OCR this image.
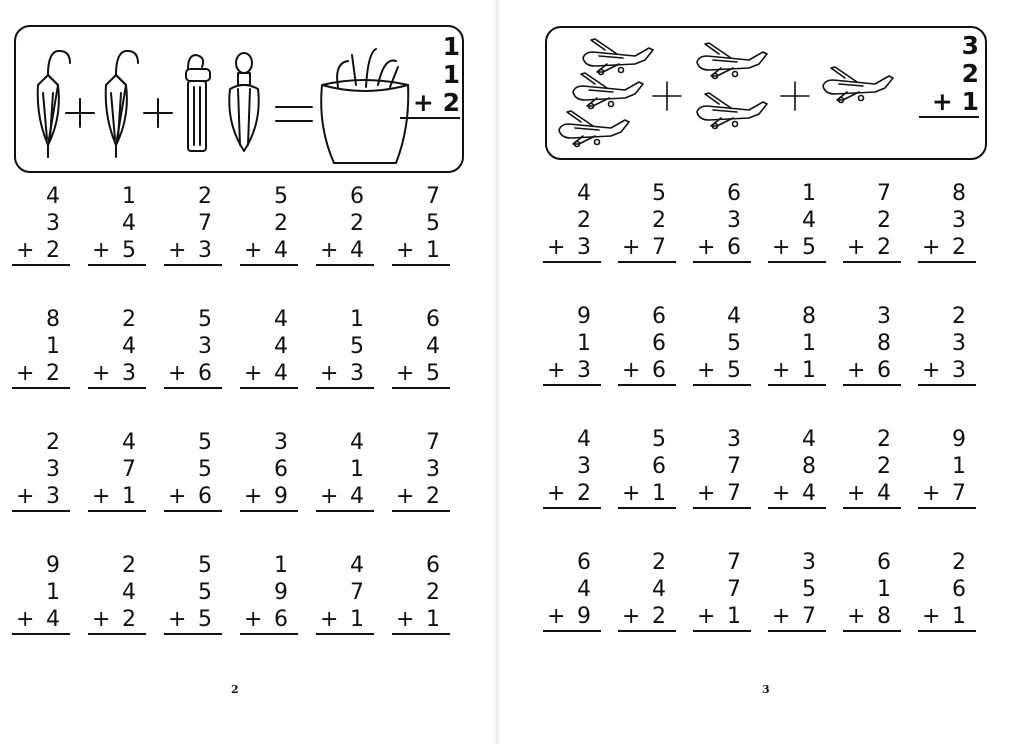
1
1
+ 2
4
3
+ 2
1
4
+ 5
2
7
+ 3
5
2
+ 4
6
2
+ 4
7
5
+ 1
8
1
+ 2
2
4
+ 3
5
3
+ 6
4
4
+ 4
1
5
+ 3
6
4
+ 5
2
3
+ 3
4
7
+ 1
5
5
+ 6
3
6
+ 9
4
1
+ 4
7
3
+ 2
9
1
+ 4
2
4
+ 2
5
5
+ 5
1
9
+ 6
4
7
+ 1
6
2
+ 1
2
3
2
+ 1
4
2
+ 3
5
2
+ 7
6
3
+ 6
1
4
+ 5
7
2
+ 2
8
3
+ 2
9
1
+ 3
6
6
+ 6
4
5
+ 5
8
1
+ 1
3
8
+ 6
2
3
+ 3
4
3
+ 2
5
6
+ 1
3
7
+ 7
4
8
+ 4
2
2
+ 4
9
1
+ 7
6
4
+ 9
2
4
+ 2
7
7
+ 1
3
5
+ 7
6
1
+ 8
2
6
+ 1
3
